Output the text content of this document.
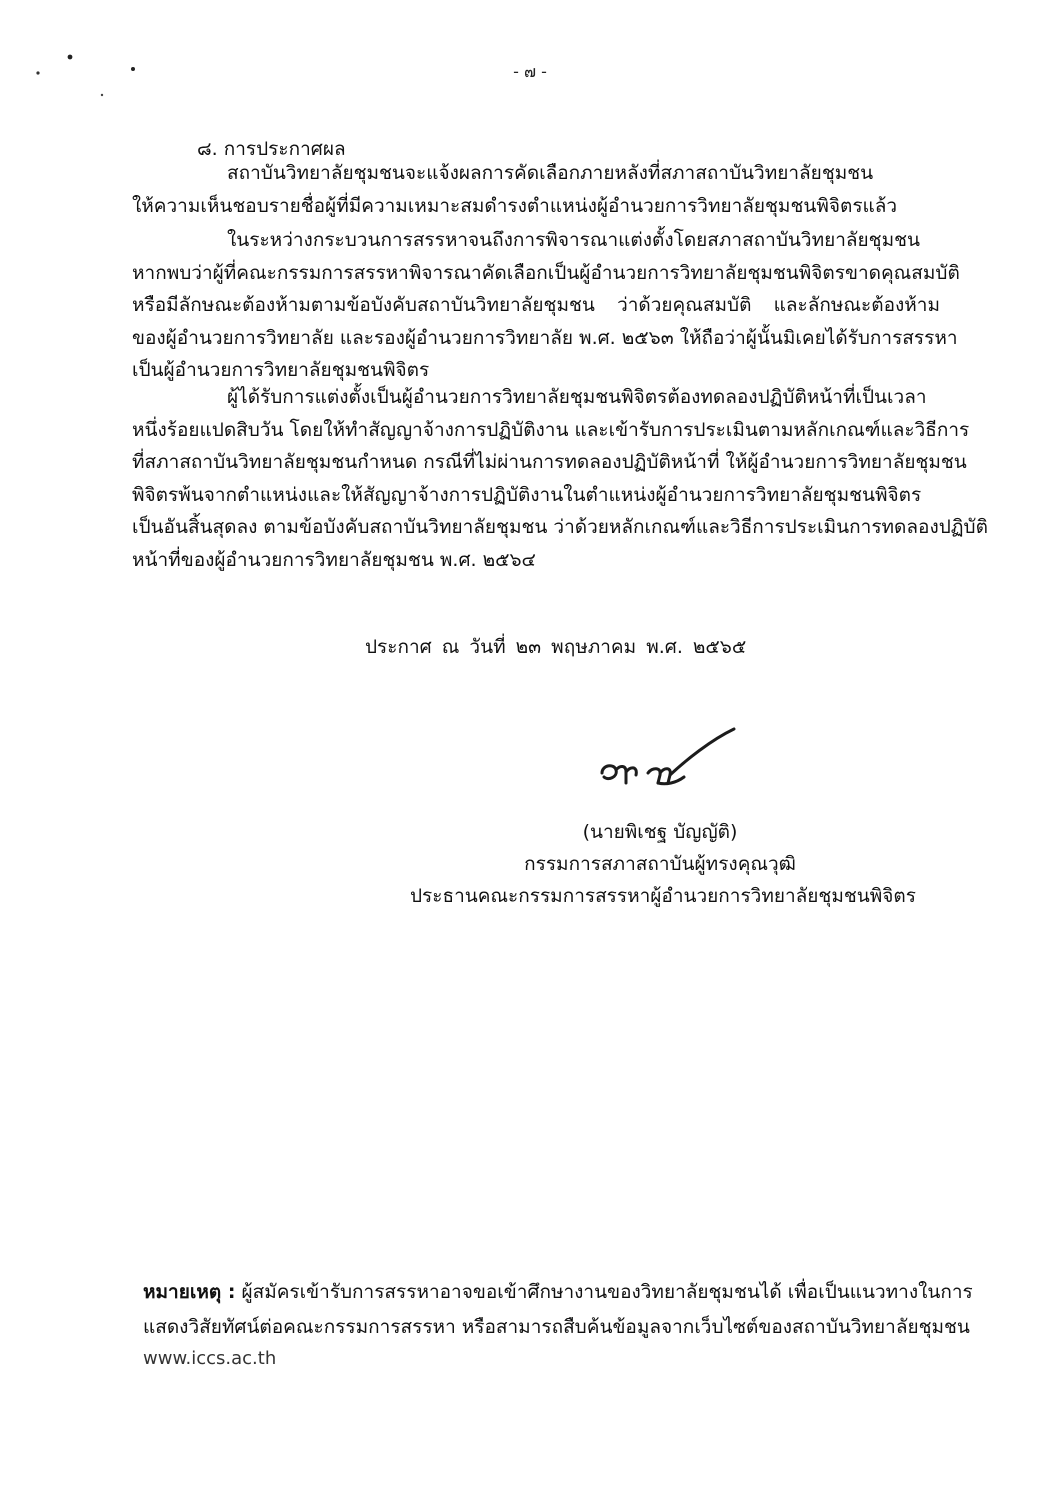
- ๗ -
๘. การประกาศผล
สถาบันวิทยาลัยชุมชนจะแจ้งผลการคัดเลือกภายหลังที่สภาสถาบันวิทยาลัยชุมชน
ให้ความเห็นชอบรายชื่อผู้ที่มีความเหมาะสมดำรงตำแหน่งผู้อำนวยการวิทยาลัยชุมชนพิจิตรแล้ว
ในระหว่างกระบวนการสรรหาจนถึงการพิจารณาแต่งตั้งโดยสภาสถาบันวิทยาลัยชุมชน
หากพบว่าผู้ที่คณะกรรมการสรรหาพิจารณาคัดเลือกเป็นผู้อำนวยการวิทยาลัยชุมชนพิจิตรขาดคุณสมบัติ
หรือมีลักษณะต้องห้ามตามข้อบังคับสถาบันวิทยาลัยชุมชน ว่าด้วยคุณสมบัติ และลักษณะต้องห้าม
ของผู้อำนวยการวิทยาลัย และรองผู้อำนวยการวิทยาลัย พ.ศ. ๒๕๖๓ ให้ถือว่าผู้นั้นมิเคยได้รับการสรรหา
เป็นผู้อำนวยการวิทยาลัยชุมชนพิจิตร
ผู้ได้รับการแต่งตั้งเป็นผู้อำนวยการวิทยาลัยชุมชนพิจิตรต้องทดลองปฏิบัติหน้าที่เป็นเวลา
หนึ่งร้อยแปดสิบวัน โดยให้ทำสัญญาจ้างการปฏิบัติงาน และเข้ารับการประเมินตามหลักเกณฑ์และวิธีการ
ที่สภาสถาบันวิทยาลัยชุมชนกำหนด กรณีที่ไม่ผ่านการทดลองปฏิบัติหน้าที่ ให้ผู้อำนวยการวิทยาลัยชุมชน
พิจิตรพ้นจากตำแหน่งและให้สัญญาจ้างการปฏิบัติงานในตำแหน่งผู้อำนวยการวิทยาลัยชุมชนพิจิตร
เป็นอันสิ้นสุดลง ตามข้อบังคับสถาบันวิทยาลัยชุมชน ว่าด้วยหลักเกณฑ์และวิธีการประเมินการทดลองปฏิบัติ
หน้าที่ของผู้อำนวยการวิทยาลัยชุมชน พ.ศ. ๒๕๖๔
ประกาศ ณ วันที่ ๒๓ พฤษภาคม พ.ศ. ๒๕๖๕
(นายพิเชฐ บัญญัติ)
กรรมการสภาสถาบันผู้ทรงคุณวุฒิ
ประธานคณะกรรมการสรรหาผู้อำนวยการวิทยาลัยชุมชนพิจิตร
หมายเหตุ : ผู้สมัครเข้ารับการสรรหาอาจขอเข้าศึกษางานของวิทยาลัยชุมชนได้ เพื่อเป็นแนวทางในการ
แสดงวิสัยทัศน์ต่อคณะกรรมการสรรหา หรือสามารถสืบค้นข้อมูลจากเว็บไซต์ของสถาบันวิทยาลัยชุมชน
www.iccs.ac.th
